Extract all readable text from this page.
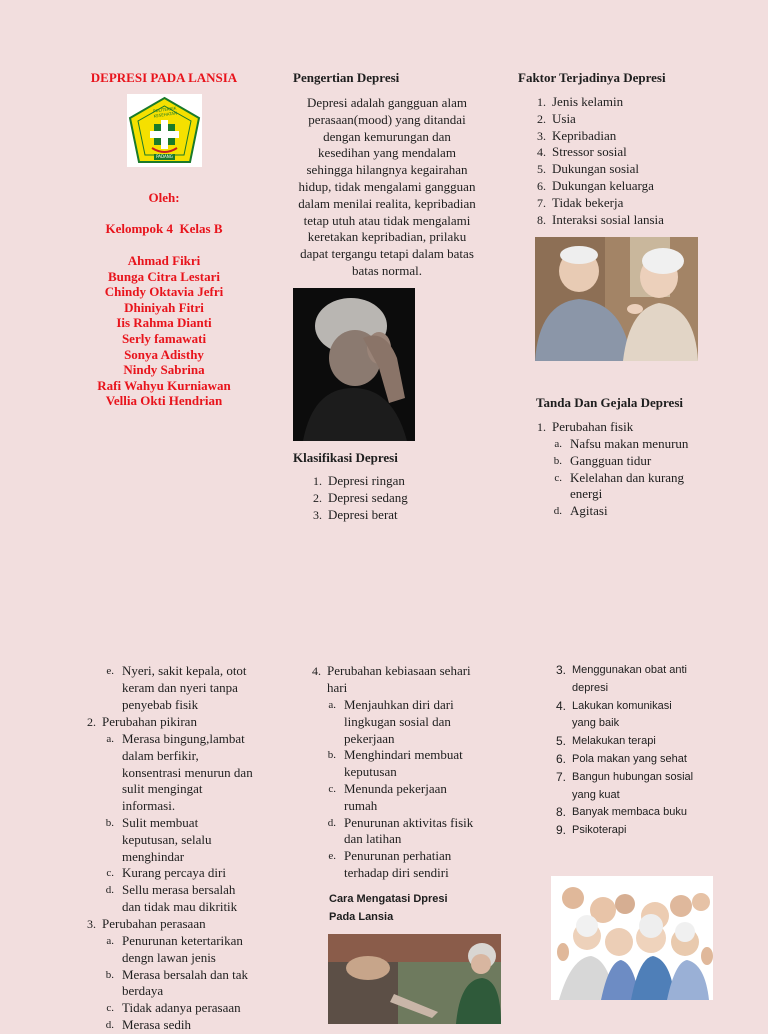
DEPRESI PADA LANSIA
POLITEKNIK KESEHATAN
PADANG
Oleh:
Kelompok 4  Kelas B
Ahmad Fikri
Bunga Citra Lestari
Chindy Oktavia Jefri
Dhiniyah Fitri
Iis Rahma Dianti
Serly famawati
Sonya Adisthy
Nindy Sabrina
Rafi Wahyu Kurniawan
Vellia Okti Hendrian
Pengertian Depresi
Depresi adalah gangguan alam
perasaan(mood) yang ditandai
dengan kemurungan dan
kesedihan yang mendalam
sehingga hilangnya kegairahan
hidup, tidak mengalami gangguan
dalam menilai realita, kepribadian
tetap utuh atau tidak mengalami
keretakan kepribadian, prilaku
dapat tergangu tetapi dalam batas
batas normal.
Klasifikasi Depresi
1. Depresi ringan
2. Depresi sedang
3. Depresi berat
Faktor Terjadinya Depresi
1. Jenis kelamin
2. Usia
3. Kepribadian
4. Stressor sosial
5. Dukungan sosial
6. Dukungan keluarga
7. Tidak bekerja
8. Interaksi sosial lansia
Tanda Dan Gejala Depresi
1. Perubahan fisik
a. Nafsu makan menurun
b. Gangguan tidur
c. Kelelahan dan kurang
energi
d. Agitasi
e. Nyeri, sakit kepala, otot
keram dan nyeri tanpa
penyebab fisik
2. Perubahan pikiran
a. Merasa bingung,lambat
dalam berfikir,
konsentrasi menurun dan
sulit mengingat
informasi.
b. Sulit membuat
keputusan, selalu
menghindar
c. Kurang percaya diri
d. Sellu merasa bersalah
dan tidak mau dikritik
3. Perubahan perasaan
a. Penurunan ketertarikan
dengn lawan jenis
b. Merasa bersalah dan tak
berdaya
c. Tidak adanya perasaan
d. Merasa sedih
4. Perubahan kebiasaan sehari
hari
a. Menjauhkan diri dari
lingkugan sosial dan
pekerjaan
b. Menghindari membuat
keputusan
c. Menunda pekerjaan
rumah
d. Penurunan aktivitas fisik
dan latihan
e. Penurunan perhatian
terhadap diri sendiri
Cara Mengatasi Dpresi
Pada Lansia
3. Menggunakan obat anti
depresi
4. Lakukan komunikasi
yang baik
5. Melakukan terapi
6. Pola makan yang sehat
7. Bangun hubungan sosial
yang kuat
8. Banyak membaca buku
9. Psikoterapi
